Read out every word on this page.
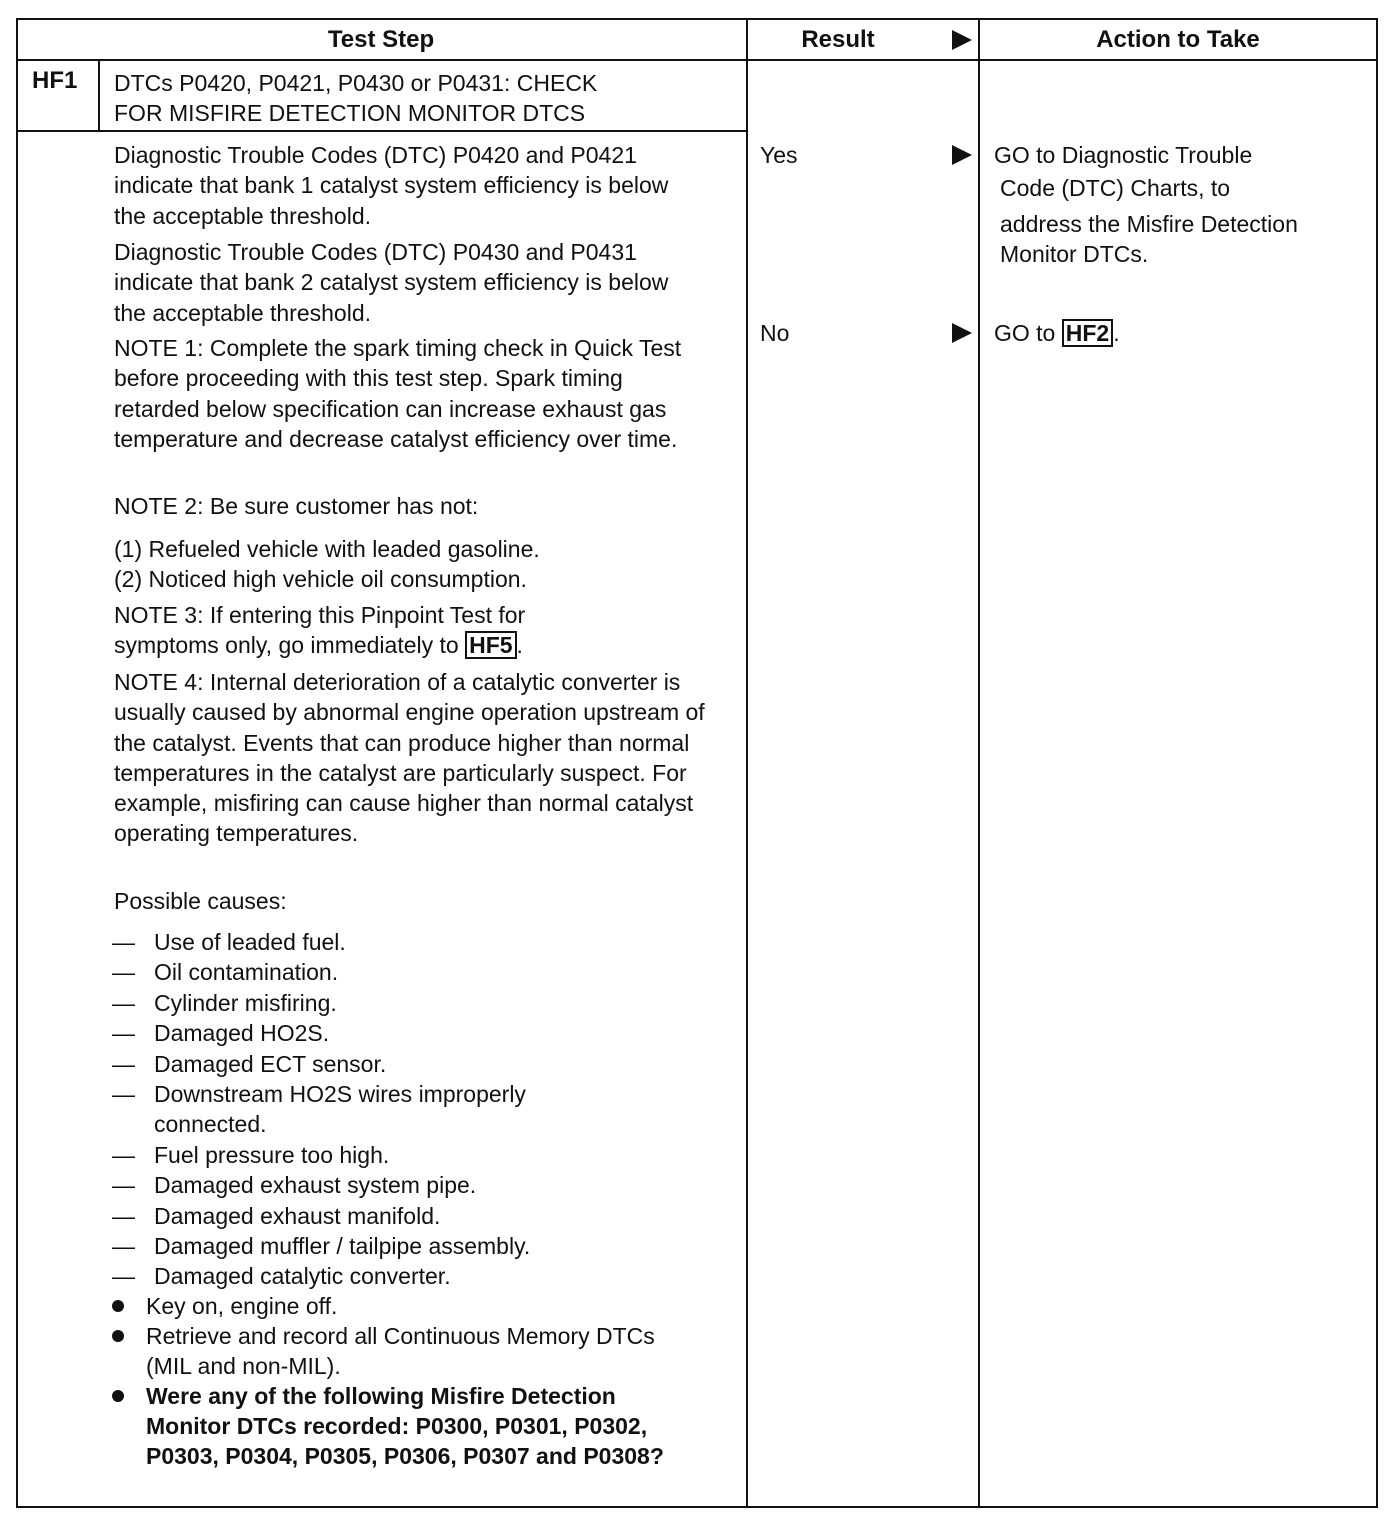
Test Step	Result	Action to Take
HF1 DTCs P0420, P0421, P0430 or P0431: CHECK
FOR MISFIRE DETECTION MONITOR DTCS
Diagnostic Trouble Codes (DTC) P0420 and P0421 indicate that bank 1 catalyst system efficiency is below the acceptable threshold.
Diagnostic Trouble Codes (DTC) P0430 and P0431 indicate that bank 2 catalyst system efficiency is below the acceptable threshold.
NOTE 1: Complete the spark timing check in Quick Test before proceeding with this test step. Spark timing retarded below specification can increase exhaust gas temperature and decrease catalyst efficiency over time.
NOTE 2: Be sure customer has not:
(1) Refueled vehicle with leaded gasoline.
(2) Noticed high vehicle oil consumption.
NOTE 3: If entering this Pinpoint Test for symptoms only, go immediately to HF5 .
NOTE 4: Internal deterioration of a catalytic converter is usually caused by abnormal engine operation upstream of the catalyst. Events that can produce higher than normal temperatures in the catalyst are particularly suspect. For example, misfiring can cause higher than normal catalyst operating temperatures.
Possible causes:
— Use of leaded fuel.
— Oil contamination.
— Cylinder misfiring.
— Damaged HO2S.
— Damaged ECT sensor.
— Downstream HO2S wires improperly connected.
— Fuel pressure too high.
— Damaged exhaust system pipe.
— Damaged exhaust manifold.
— Damaged muffler / tailpipe assembly.
— Damaged catalytic converter.
Key on, engine off.
Retrieve and record all Continuous Memory DTCs (MIL and non-MIL).
Were any of the following Misfire Detection Monitor DTCs recorded: P0300, P0301, P0302, P0303, P0304, P0305, P0306, P0307 and P0308?
Yes
No
GO to Diagnostic Trouble
Code (DTC) Charts, to
address the Misfire Detection
Monitor DTCs.
GO to HF2 .
